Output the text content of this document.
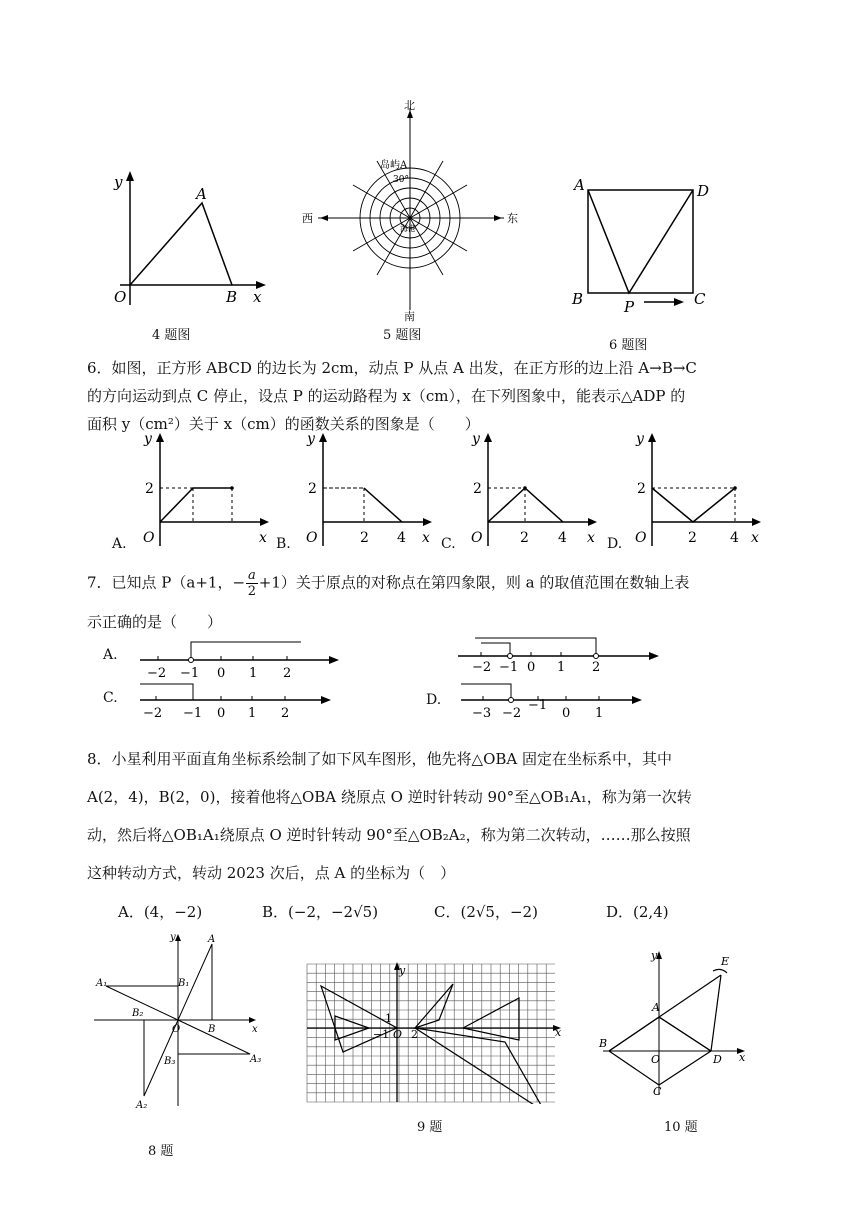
y
A
O	B x
4 题图
北
南
西	东
岛屿A
30°
海港
5 题图
A	D
B	P	C
6 题图
6．如图，正方形 ABCD 的边长为 2cm，动点 P 从点 A 出发，在正方形的边上沿 A→B→C
的方向运动到点 C 停止，设点 P 的运动路程为 x（cm），在下列图象中，能表示△ADP 的
面积 y（cm²）关于 x（cm）的函数关系的图象是（　　）
A.
y
2
O	x B.
y
2
2 4
O	x C.
y
2
2 4
O	x D.
y
2
2 4
O	x
7．已知点 P（a+1，− $\frac{a}{2} +1$）关于原点的对称点在第四象限，则 a 的取值范围在数轴上表
示正确的是（　　）
A.
−2 −1 0 1 2	−2 −1 0 1 2
C.
−2 −1 0 1 2
D.
−3 −2
−1
0 1
8．小星利用平面直角坐标系绘制了如下风车图形，他先将△OBA 固定在坐标系中，其中
A(2，4)，B(2，0)，接着他将△OBA 绕原点 O 逆时针转动 90°至△OB₁A₁，称为第一次转
动，然后将△OB₁A₁绕原点 O 逆时针转动 90°至△OB₂A₂，称为第二次转动，……那么按照
这种转动方式，转动 2023 次后，点 A 的坐标为（　）
A．(4，−2)	B．(−2，−2√5)	C．(2√5，−2)	D．(2,4)
y
x
A
A₁
A₂
A₃
B
B₁
B₂
B₃
O
8 题
y
x
1
−1 O 2
9 题
y
x
A
B
C
D
E
O
10 题
